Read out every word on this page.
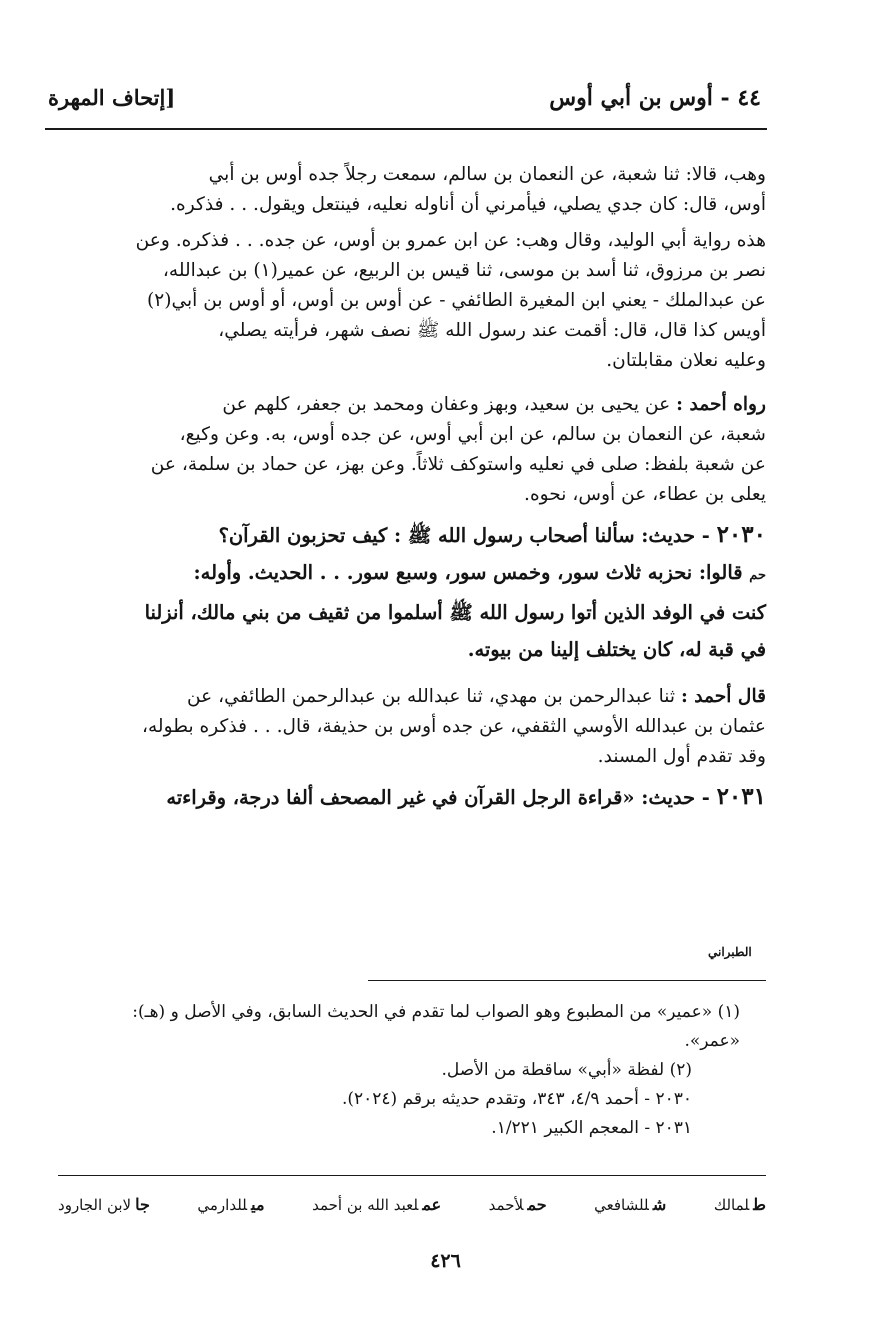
٤٤ - أوس بن أبي أوس
[إتحاف المهرة

وهب، قالا: ثنا شعبة، عن النعمان بن سالم، سمعت رجلاً جده أوس بن أبي

أوس، قال: كان جدي يصلي، فيأمرني أن أناوله نعليه، فينتعل ويقول. . . فذكره.

هذه رواية أبي الوليد، وقال وهب: عن ابن عمرو بن أوس، عن جده. . . فذكره. وعن

نصر بن مرزوق، ثنا أسد بن موسى، ثنا قيس بن الربيع، عن عمير(١) بن عبدالله،

عن عبدالملك - يعني ابن المغيرة الطائفي - عن أوس بن أوس، أو أوس بن أبي(٢)

أويس كذا قال، قال: أقمت عند رسول الله ﷺ نصف شهر، فرأيته يصلي،

وعليه نعلان مقابلتان.

رواه أحمد : عن يحيى بن سعيد، وبهز وعفان ومحمد بن جعفر، كلهم عن

شعبة، عن النعمان بن سالم، عن ابن أبي أوس، عن جده أوس، به. وعن وكيع،

عن شعبة بلفظ: صلى في نعليه واستوكف ثلاثاً. وعن بهز، عن حماد بن سلمة، عن

يعلى بن عطاء، عن أوس، نحوه.

٢٠٣٠ - حديث: سألنا أصحاب رسول الله ﷺ : كيف تحزبون القرآن؟

حم قالوا: نحزبه ثلاث سور، وخمس سور، وسبع سور. . . الحديث. وأوله:

كنت في الوفد الذين أتوا رسول الله ﷺ أسلموا من ثقيف من بني مالك، أنزلنا

في قبة له، كان يختلف إلينا من بيوته.

قال أحمد : ثنا عبدالرحمن بن مهدي، ثنا عبدالله بن عبدالرحمن الطائفي، عن

عثمان بن عبدالله الأوسي الثقفي، عن جده أوس بن حذيفة، قال. . . فذكره بطوله،

وقد تقدم أول المسند.

٢٠٣١ - حديث: «قراءة الرجل القرآن في غير المصحف ألفا درجة، وقراءته

الطبراني

(١) «عمير» من المطبوع وهو الصواب لما تقدم في الحديث السابق، وفي الأصل و (هـ):

«عمر».

(٢) لفظة «أبي» ساقطة من الأصل.

٢٠٣٠ - أحمد ٤/٩، ٣٤٣، وتقدم حديثه برقم (٢٠٢٤).

٢٠٣١ - المعجم الكبير ١/٢٢١.

طلمالك
شللشافعي
حملأحمد
عملعبد الله بن أحمد
ميللدارمي
جالابن الجارود
٤٢٦
